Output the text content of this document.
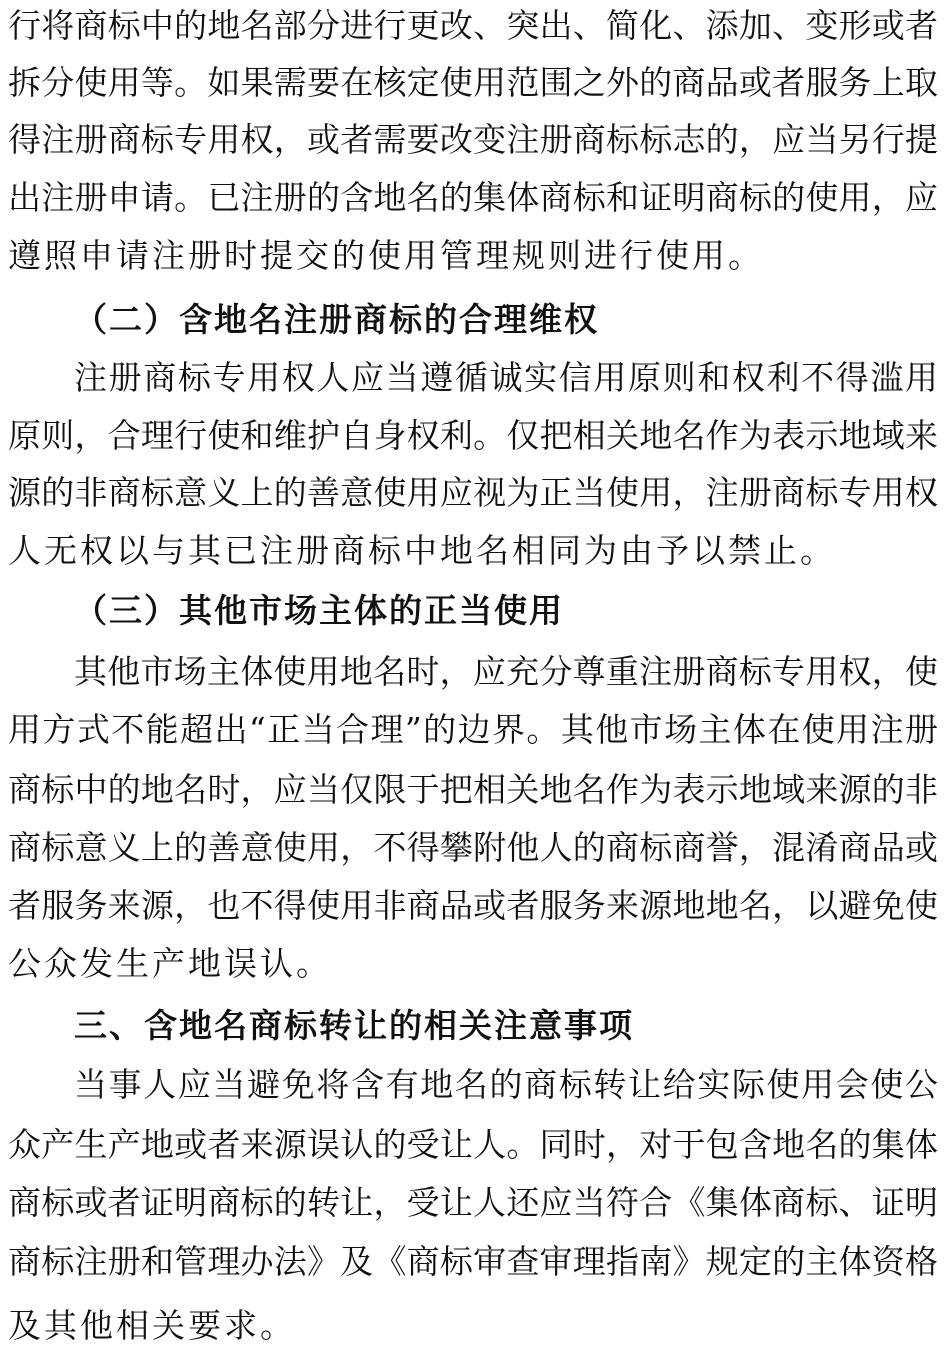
行将商标中的地名部分进行更改、突出、简化、添加、变形或者
拆分使用等。如果需要在核定使用范围之外的商品或者服务上取
得注册商标专用权，或者需要改变注册商标标志的，应当另行提
出注册申请。已注册的含地名的集体商标和证明商标的使用，应
遵照申请注册时提交的使用管理规则进行使用。
（二）含地名注册商标的合理维权
注册商标专用权人应当遵循诚实信用原则和权利不得滥用
原则，合理行使和维护自身权利。仅把相关地名作为表示地域来
源的非商标意义上的善意使用应视为正当使用，注册商标专用权
人无权以与其已注册商标中地名相同为由予以禁止。
（三）其他市场主体的正当使用
其他市场主体使用地名时，应充分尊重注册商标专用权，使
用方式不能超出“正当合理”的边界。其他市场主体在使用注册
商标中的地名时，应当仅限于把相关地名作为表示地域来源的非
商标意义上的善意使用，不得攀附他人的商标商誉，混淆商品或
者服务来源，也不得使用非商品或者服务来源地地名，以避免使
公众发生产地误认。
三、含地名商标转让的相关注意事项
当事人应当避免将含有地名的商标转让给实际使用会使公
众产生产地或者来源误认的受让人。同时，对于包含地名的集体
商标或者证明商标的转让，受让人还应当符合《集体商标、证明
商标注册和管理办法》及《商标审查审理指南》规定的主体资格
及其他相关要求。
